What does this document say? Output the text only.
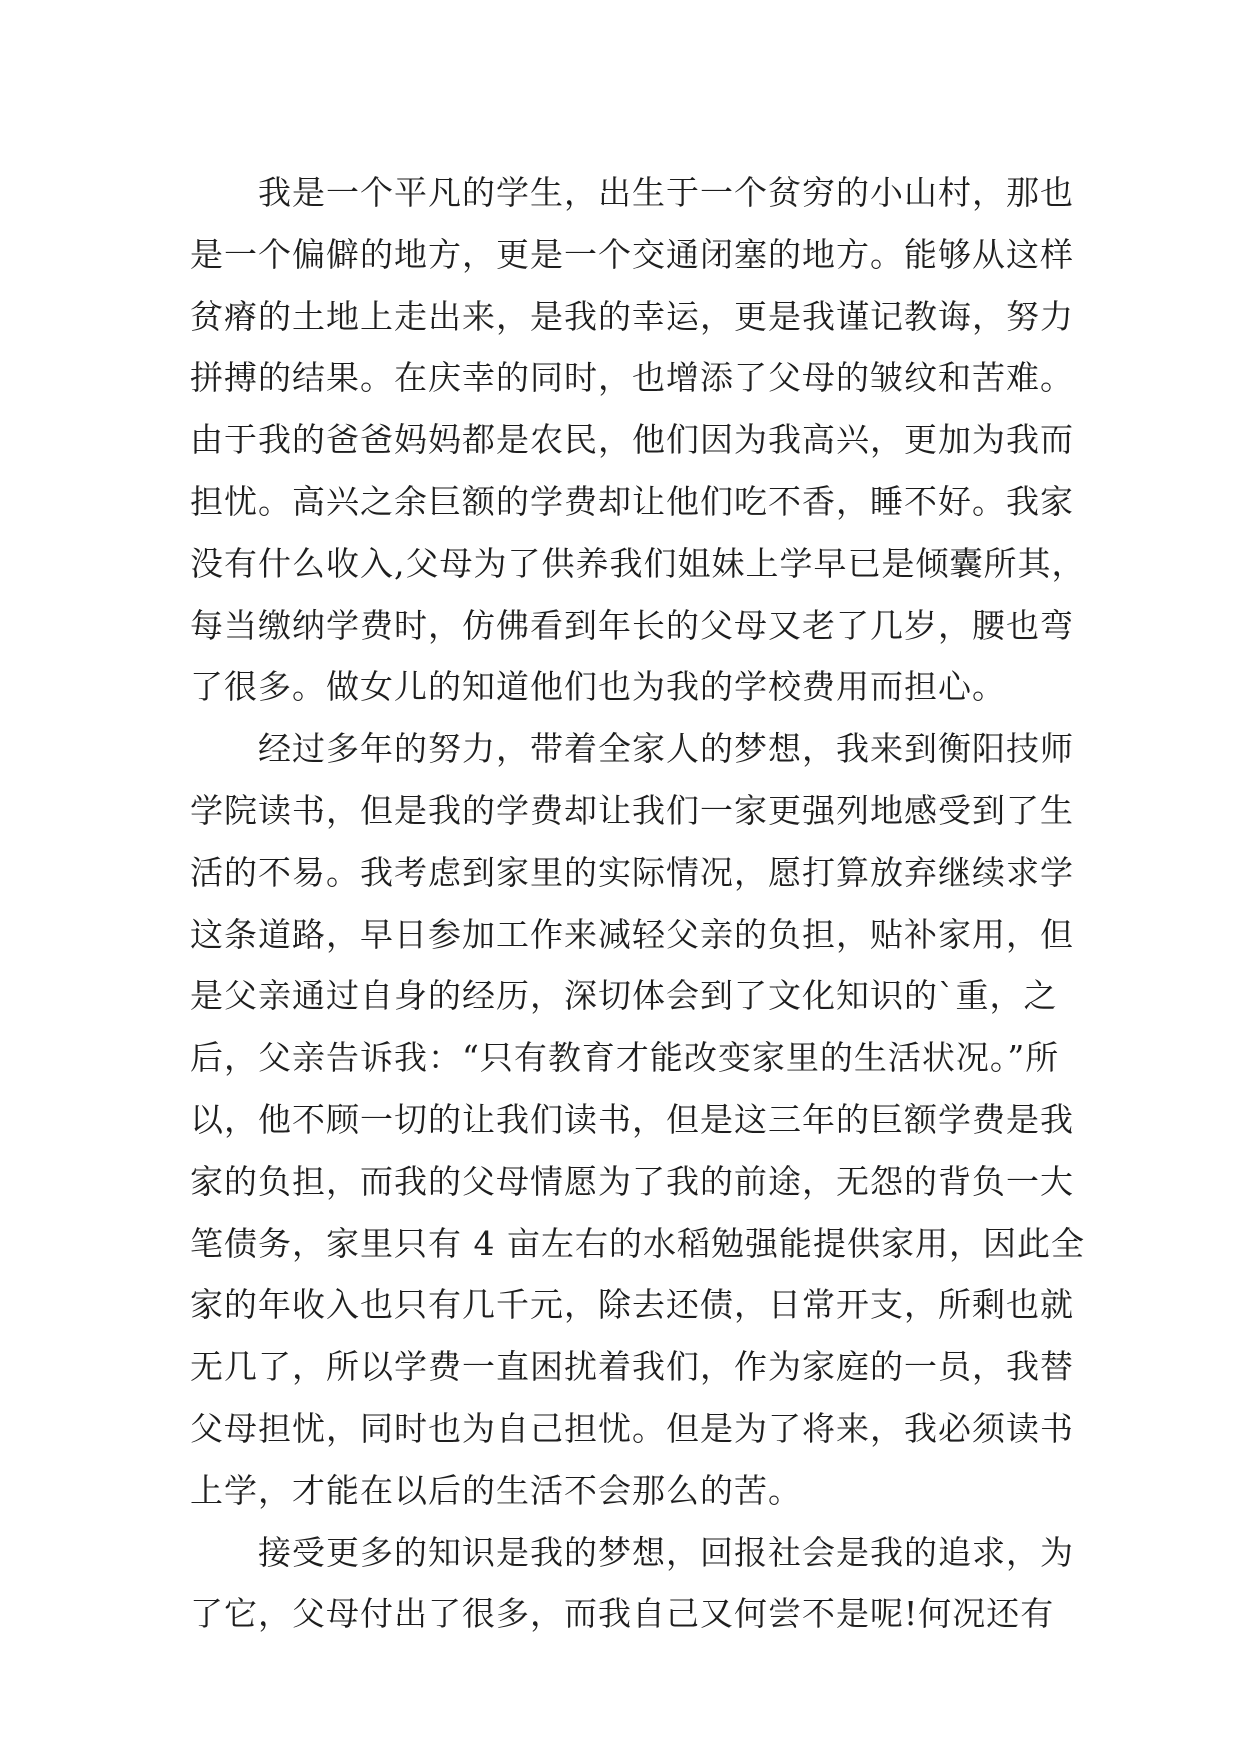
　　我是一个平凡的学生，出生于一个贫穷的小山村，那也
是一个偏僻的地方，更是一个交通闭塞的地方。能够从这样
贫瘠的土地上走出来，是我的幸运，更是我谨记教诲，努力
拼搏的结果。在庆幸的同时，也增添了父母的皱纹和苦难。
由于我的爸爸妈妈都是农民，他们因为我高兴，更加为我而
担忧。高兴之余巨额的学费却让他们吃不香，睡不好。我家
没有什么收入,父母为了供养我们姐妹上学早已是倾囊所其，
每当缴纳学费时，仿佛看到年长的父母又老了几岁，腰也弯
了很多。做女儿的知道他们也为我的学校费用而担心。
　　经过多年的努力，带着全家人的梦想，我来到衡阳技师
学院读书，但是我的学费却让我们一家更强列地感受到了生
活的不易。我考虑到家里的实际情况，愿打算放弃继续求学
这条道路，早日参加工作来减轻父亲的负担，贴补家用，但
是父亲通过自身的经历，深切体会到了文化知识的`重，之
后，父亲告诉我：“只有教育才能改变家里的生活状况。”所
以，他不顾一切的让我们读书，但是这三年的巨额学费是我
家的负担，而我的父母情愿为了我的前途，无怨的背负一大
笔债务，家里只有 4 亩左右的水稻勉强能提供家用，因此全
家的年收入也只有几千元，除去还债，日常开支，所剩也就
无几了，所以学费一直困扰着我们，作为家庭的一员，我替
父母担忧，同时也为自己担忧。但是为了将来，我必须读书
上学，才能在以后的生活不会那么的苦。
　　接受更多的知识是我的梦想，回报社会是我的追求，为
了它，父母付出了很多，而我自己又何尝不是呢!何况还有
